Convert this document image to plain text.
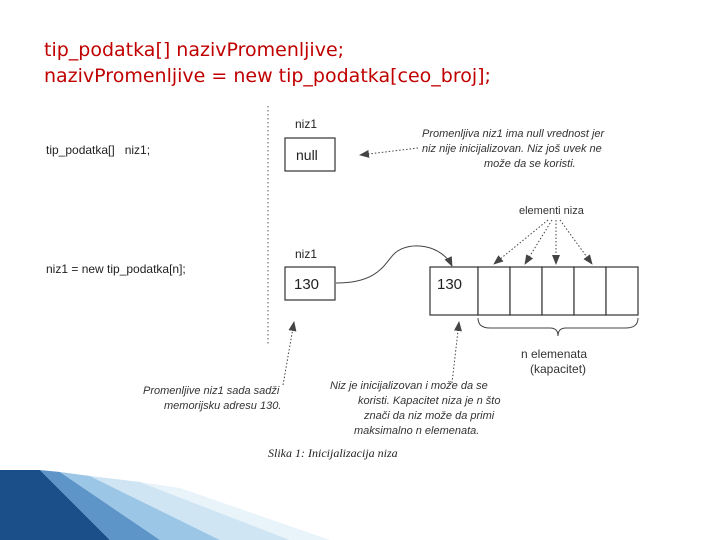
tip_podatka[] nazivPromenljive;
nazivPromenljive = new tip_podatka[ceo_broj];
tip_podatka[]   niz1;
niz1 = new tip_podatka[n];
niz1
null
niz1
130	130
Promenljiva niz1 ima null vrednost jer niz nije inicijalizovan. Niz još uvek ne može da se koristi.
elementi niza
n elemenata (kapacitet)
Promenljive niz1 sada sadži memorijsku adresu 130.
Niz je inicijalizovan i može da se koristi. Kapacitet niza je n što znači da niz može da primi maksimalno n elemenata.
Slika 1: Inicijalizacija niza
